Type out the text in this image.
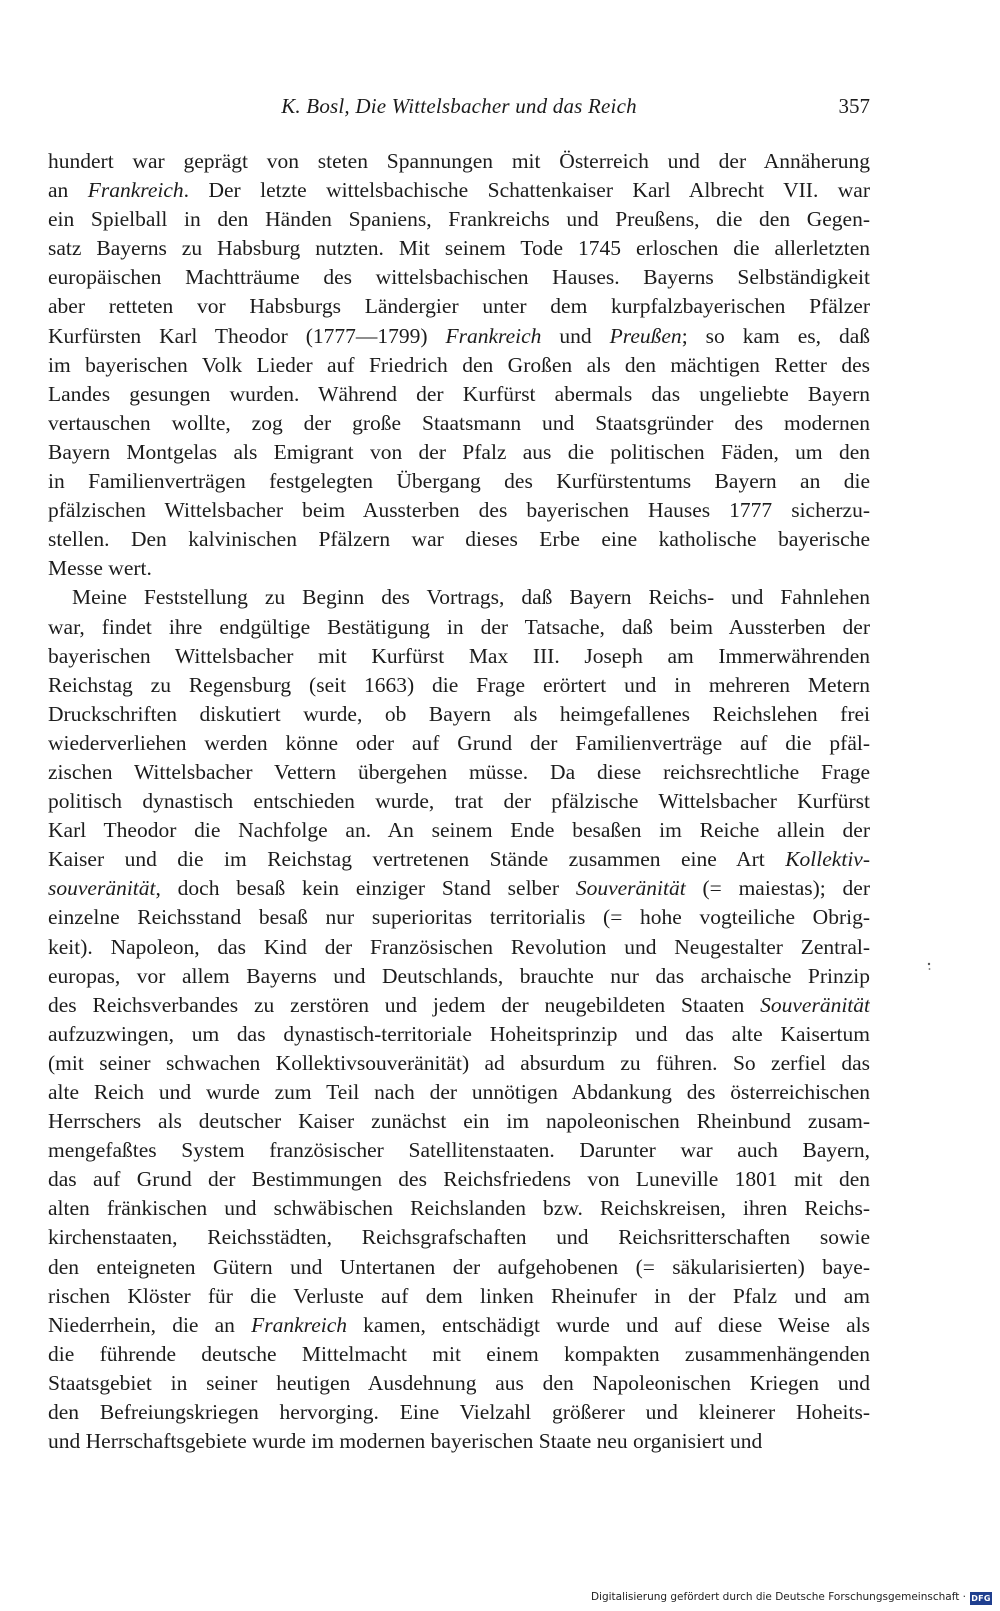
K. Bosl, Die Wittelsbacher und das Reich	357

hundert war geprägt von steten Spannungen mit Österreich und der Annäherung

an Frankreich. Der letzte wittelsbachische Schattenkaiser Karl Albrecht VII. war

ein Spielball in den Händen Spaniens, Frankreichs und Preußens, die den Gegen-

satz Bayerns zu Habsburg nutzten. Mit seinem Tode 1745 erloschen die allerletzten

europäischen Machtträume des wittelsbachischen Hauses. Bayerns Selbständigkeit

aber retteten vor Habsburgs Ländergier unter dem kurpfalzbayerischen Pfälzer

Kurfürsten Karl Theodor (1777—1799) Frankreich und Preußen; so kam es, daß

im bayerischen Volk Lieder auf Friedrich den Großen als den mächtigen Retter des

Landes gesungen wurden. Während der Kurfürst abermals das ungeliebte Bayern

vertauschen wollte, zog der große Staatsmann und Staatsgründer des modernen

Bayern Montgelas als Emigrant von der Pfalz aus die politischen Fäden, um den

in Familienverträgen festgelegten Übergang des Kurfürstentums Bayern an die

pfälzischen Wittelsbacher beim Aussterben des bayerischen Hauses 1777 sicherzu-

stellen. Den kalvinischen Pfälzern war dieses Erbe eine katholische bayerische

Messe wert.

Meine Feststellung zu Beginn des Vortrags, daß Bayern Reichs- und Fahnlehen

war, findet ihre endgültige Bestätigung in der Tatsache, daß beim Aussterben der

bayerischen Wittelsbacher mit Kurfürst Max III. Joseph am Immerwährenden

Reichstag zu Regensburg (seit 1663) die Frage erörtert und in mehreren Metern

Druckschriften diskutiert wurde, ob Bayern als heimgefallenes Reichslehen frei

wiederverliehen werden könne oder auf Grund der Familienverträge auf die pfäl-

zischen Wittelsbacher Vettern übergehen müsse. Da diese reichsrechtliche Frage

politisch dynastisch entschieden wurde, trat der pfälzische Wittelsbacher Kurfürst

Karl Theodor die Nachfolge an. An seinem Ende besaßen im Reiche allein der

Kaiser und die im Reichstag vertretenen Stände zusammen eine Art Kollektiv-

souveränität, doch besaß kein einziger Stand selber Souveränität (= maiestas); der

einzelne Reichsstand besaß nur superioritas territorialis (= hohe vogteiliche Obrig-

keit). Napoleon, das Kind der Französischen Revolution und Neugestalter Zentral-

europas, vor allem Bayerns und Deutschlands, brauchte nur das archaische Prinzip

des Reichsverbandes zu zerstören und jedem der neugebildeten Staaten Souveränität

aufzuzwingen, um das dynastisch-territoriale Hoheitsprinzip und das alte Kaisertum

(mit seiner schwachen Kollektivsouveränität) ad absurdum zu führen. So zerfiel das

alte Reich und wurde zum Teil nach der unnötigen Abdankung des österreichischen

Herrschers als deutscher Kaiser zunächst ein im napoleonischen Rheinbund zusam-

mengefaßtes System französischer Satellitenstaaten. Darunter war auch Bayern,

das auf Grund der Bestimmungen des Reichsfriedens von Luneville 1801 mit den

alten fränkischen und schwäbischen Reichslanden bzw. Reichskreisen, ihren Reichs-

kirchenstaaten, Reichsstädten, Reichsgrafschaften und Reichsritterschaften sowie

den enteigneten Gütern und Untertanen der aufgehobenen (= säkularisierten) baye-

rischen Klöster für die Verluste auf dem linken Rheinufer in der Pfalz und am

Niederrhein, die an Frankreich kamen, entschädigt wurde und auf diese Weise als

die führende deutsche Mittelmacht mit einem kompakten zusammenhängenden

Staatsgebiet in seiner heutigen Ausdehnung aus den Napoleonischen Kriegen und

den Befreiungskriegen hervorging. Eine Vielzahl größerer und kleinerer Hoheits-

und Herrschaftsgebiete wurde im modernen bayerischen Staate neu organisiert und

Digitalisierung gefördert durch die Deutsche Forschungsgemeinschaft · DFG
